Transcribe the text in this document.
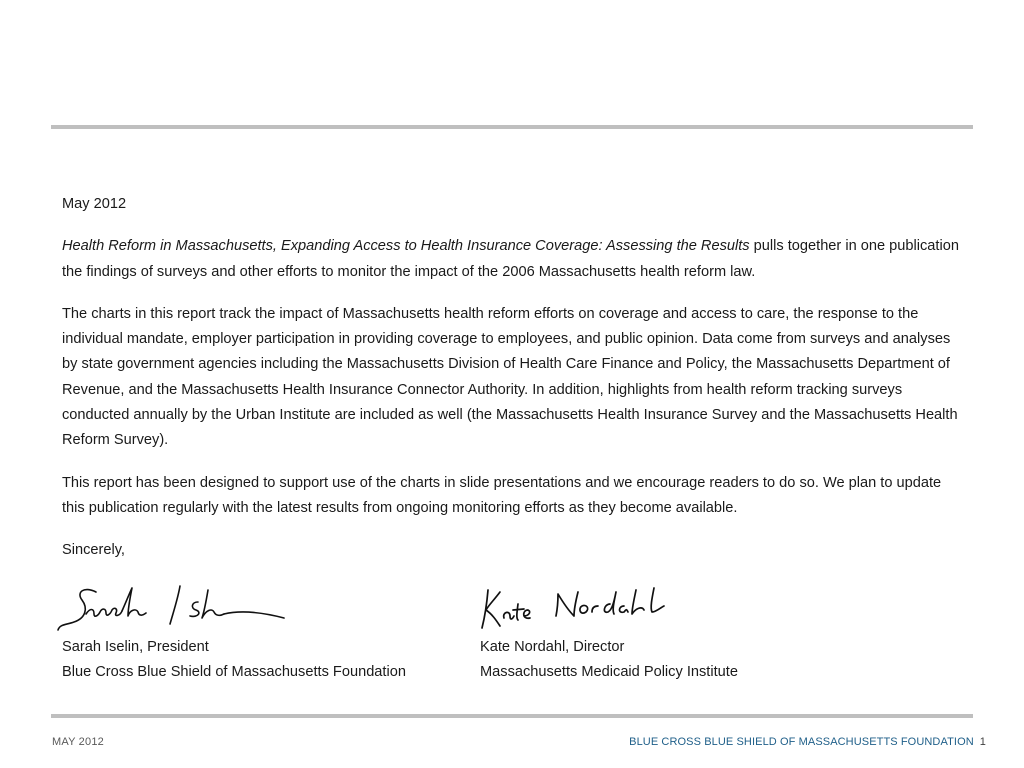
May 2012

Health Reform in Massachusetts, Expanding Access to Health Insurance Coverage: Assessing the Results pulls together in one publication the findings of surveys and other efforts to monitor the impact of the 2006 Massachusetts health reform law.

The charts in this report track the impact of Massachusetts health reform efforts on coverage and access to care, the response to the individual mandate, employer participation in providing coverage to employees, and public opinion. Data come from surveys and analyses by state government agencies including the Massachusetts Division of Health Care Finance and Policy, the Massachusetts Department of Revenue, and the Massachusetts Health Insurance Connector Authority. In addition, highlights from health reform tracking surveys conducted annually by the Urban Institute are included as well (the Massachusetts Health Insurance Survey and the Massachusetts Health Reform Survey).

This report has been designed to support use of the charts in slide presentations and we encourage readers to do so. We plan to update this publication regularly with the latest results from ongoing monitoring efforts as they become available.

Sincerely,

Sarah Iselin, President
Blue Cross Blue Shield of Massachusetts Foundation
Kate Nordahl, Director
Massachusetts Medicaid Policy Institute
MAY 2012	BLUE CROSS BLUE SHIELD OF MASSACHUSETTS FOUNDATION 1
